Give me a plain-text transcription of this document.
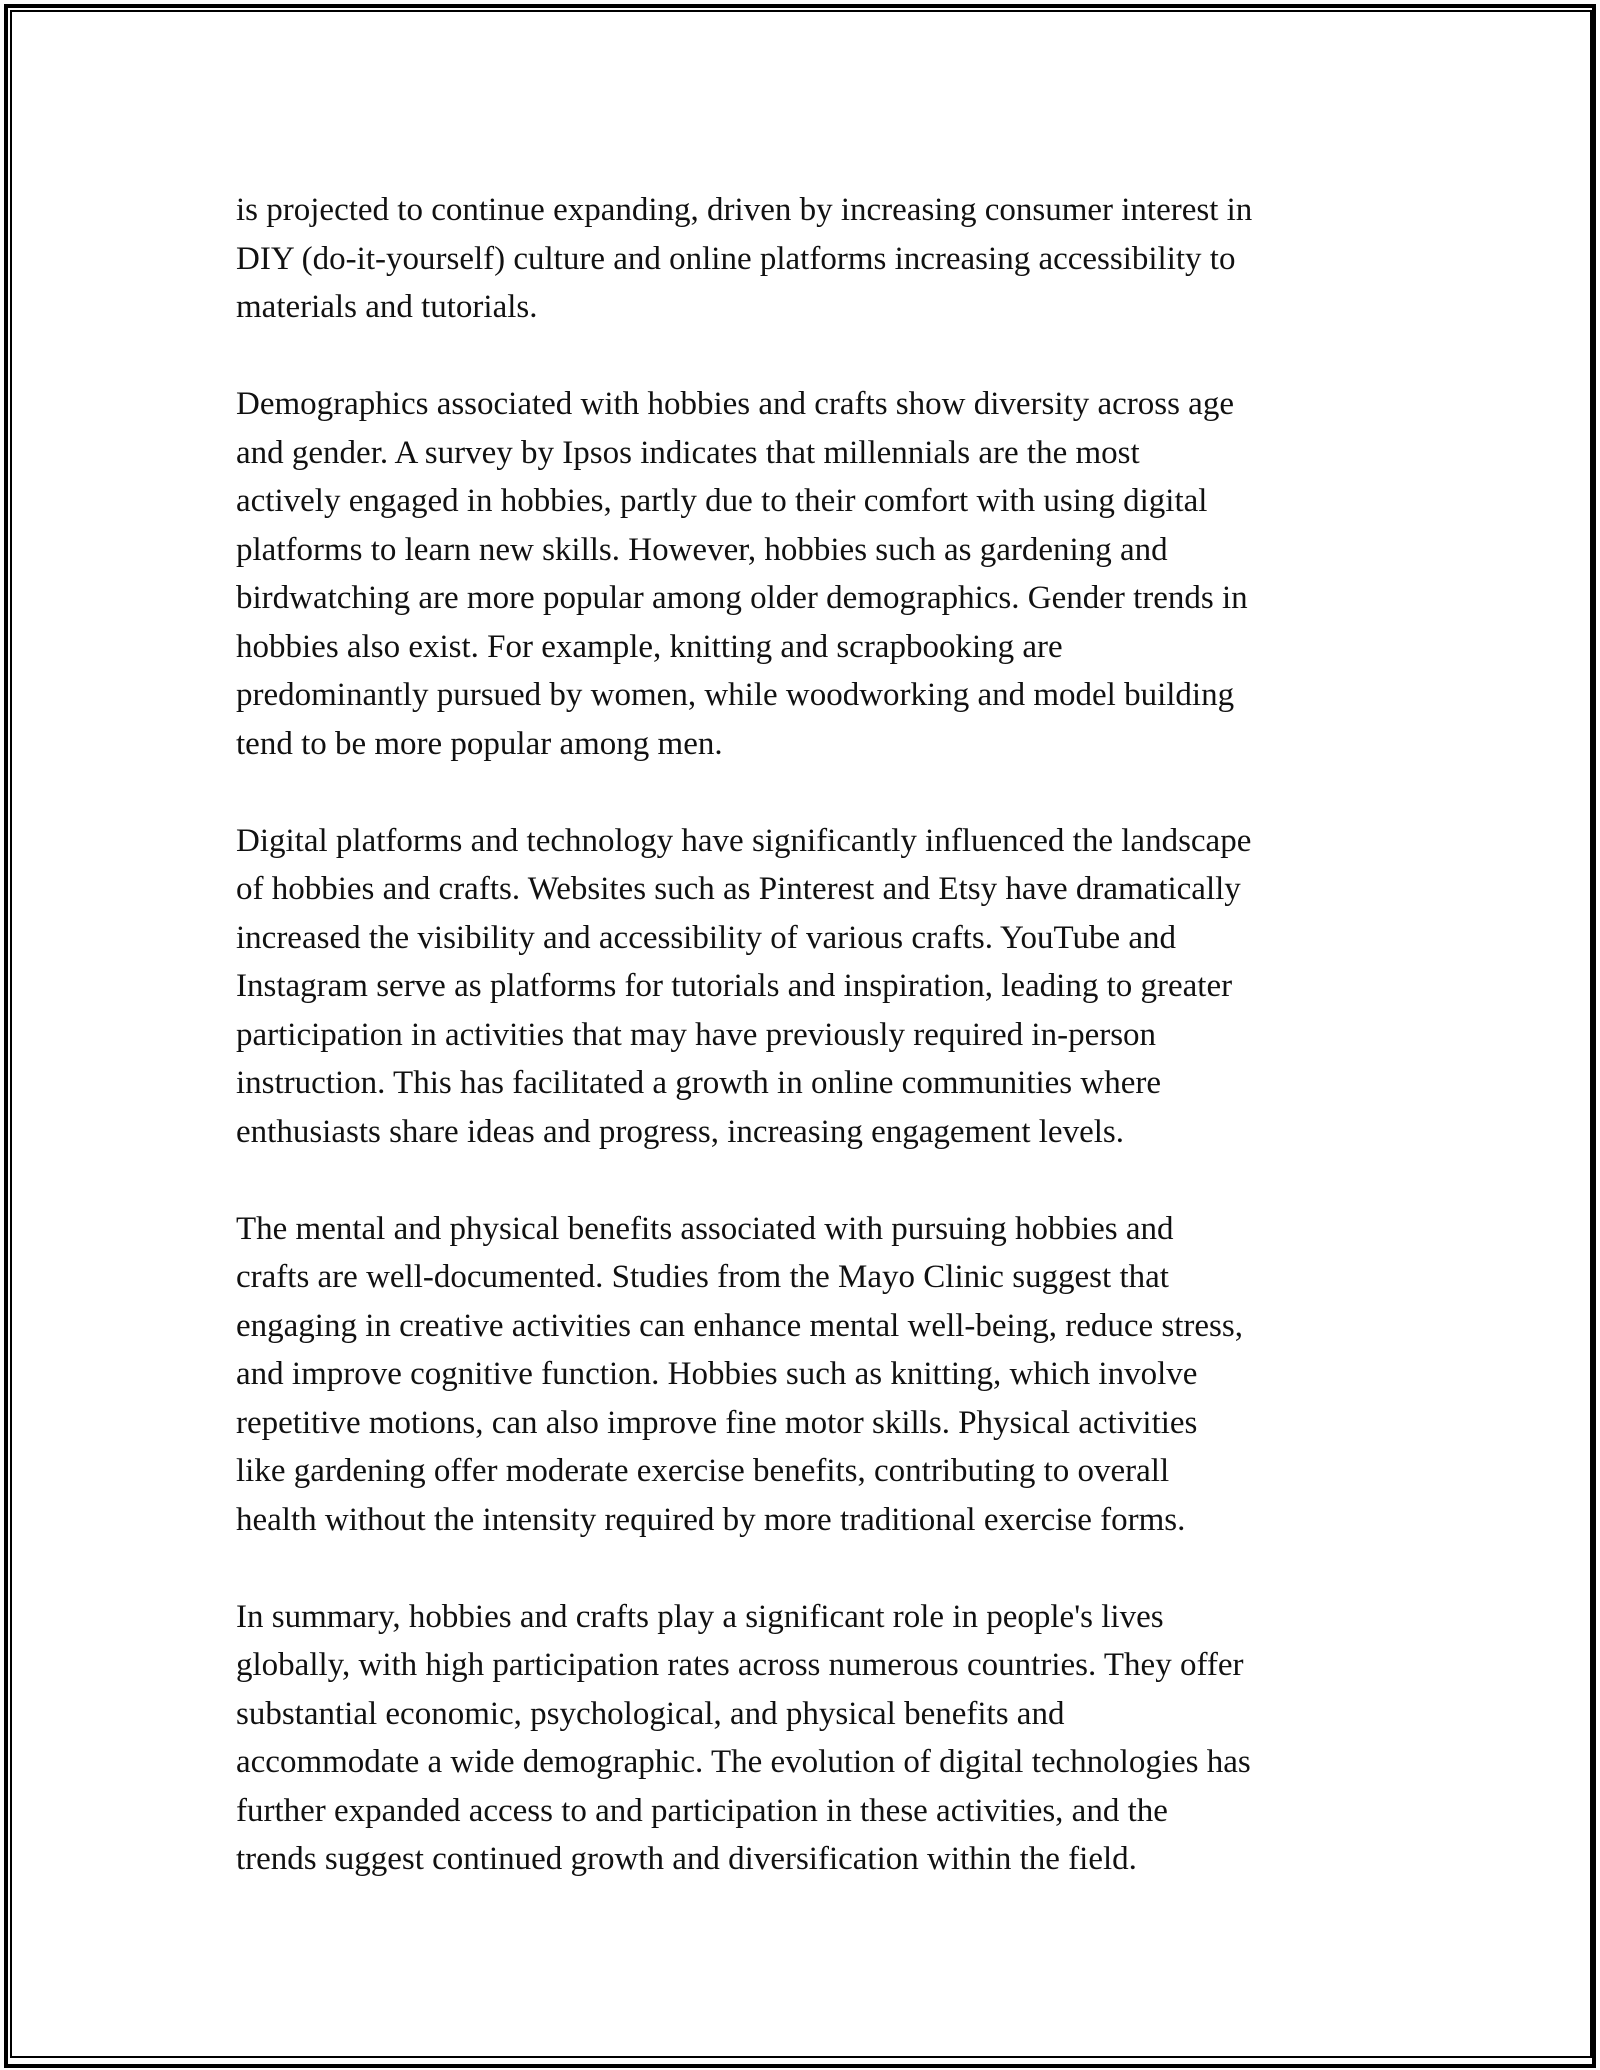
is projected to continue expanding, driven by increasing consumer interest in
DIY (do-it-yourself) culture and online platforms increasing accessibility to
materials and tutorials.

Demographics associated with hobbies and crafts show diversity across age
and gender. A survey by Ipsos indicates that millennials are the most
actively engaged in hobbies, partly due to their comfort with using digital
platforms to learn new skills. However, hobbies such as gardening and
birdwatching are more popular among older demographics. Gender trends in
hobbies also exist. For example, knitting and scrapbooking are
predominantly pursued by women, while woodworking and model building
tend to be more popular among men.

Digital platforms and technology have significantly influenced the landscape
of hobbies and crafts. Websites such as Pinterest and Etsy have dramatically
increased the visibility and accessibility of various crafts. YouTube and
Instagram serve as platforms for tutorials and inspiration, leading to greater
participation in activities that may have previously required in-person
instruction. This has facilitated a growth in online communities where
enthusiasts share ideas and progress, increasing engagement levels.

The mental and physical benefits associated with pursuing hobbies and
crafts are well-documented. Studies from the Mayo Clinic suggest that
engaging in creative activities can enhance mental well-being, reduce stress,
and improve cognitive function. Hobbies such as knitting, which involve
repetitive motions, can also improve fine motor skills. Physical activities
like gardening offer moderate exercise benefits, contributing to overall
health without the intensity required by more traditional exercise forms.

In summary, hobbies and crafts play a significant role in people's lives
globally, with high participation rates across numerous countries. They offer
substantial economic, psychological, and physical benefits and
accommodate a wide demographic. The evolution of digital technologies has
further expanded access to and participation in these activities, and the
trends suggest continued growth and diversification within the field.
